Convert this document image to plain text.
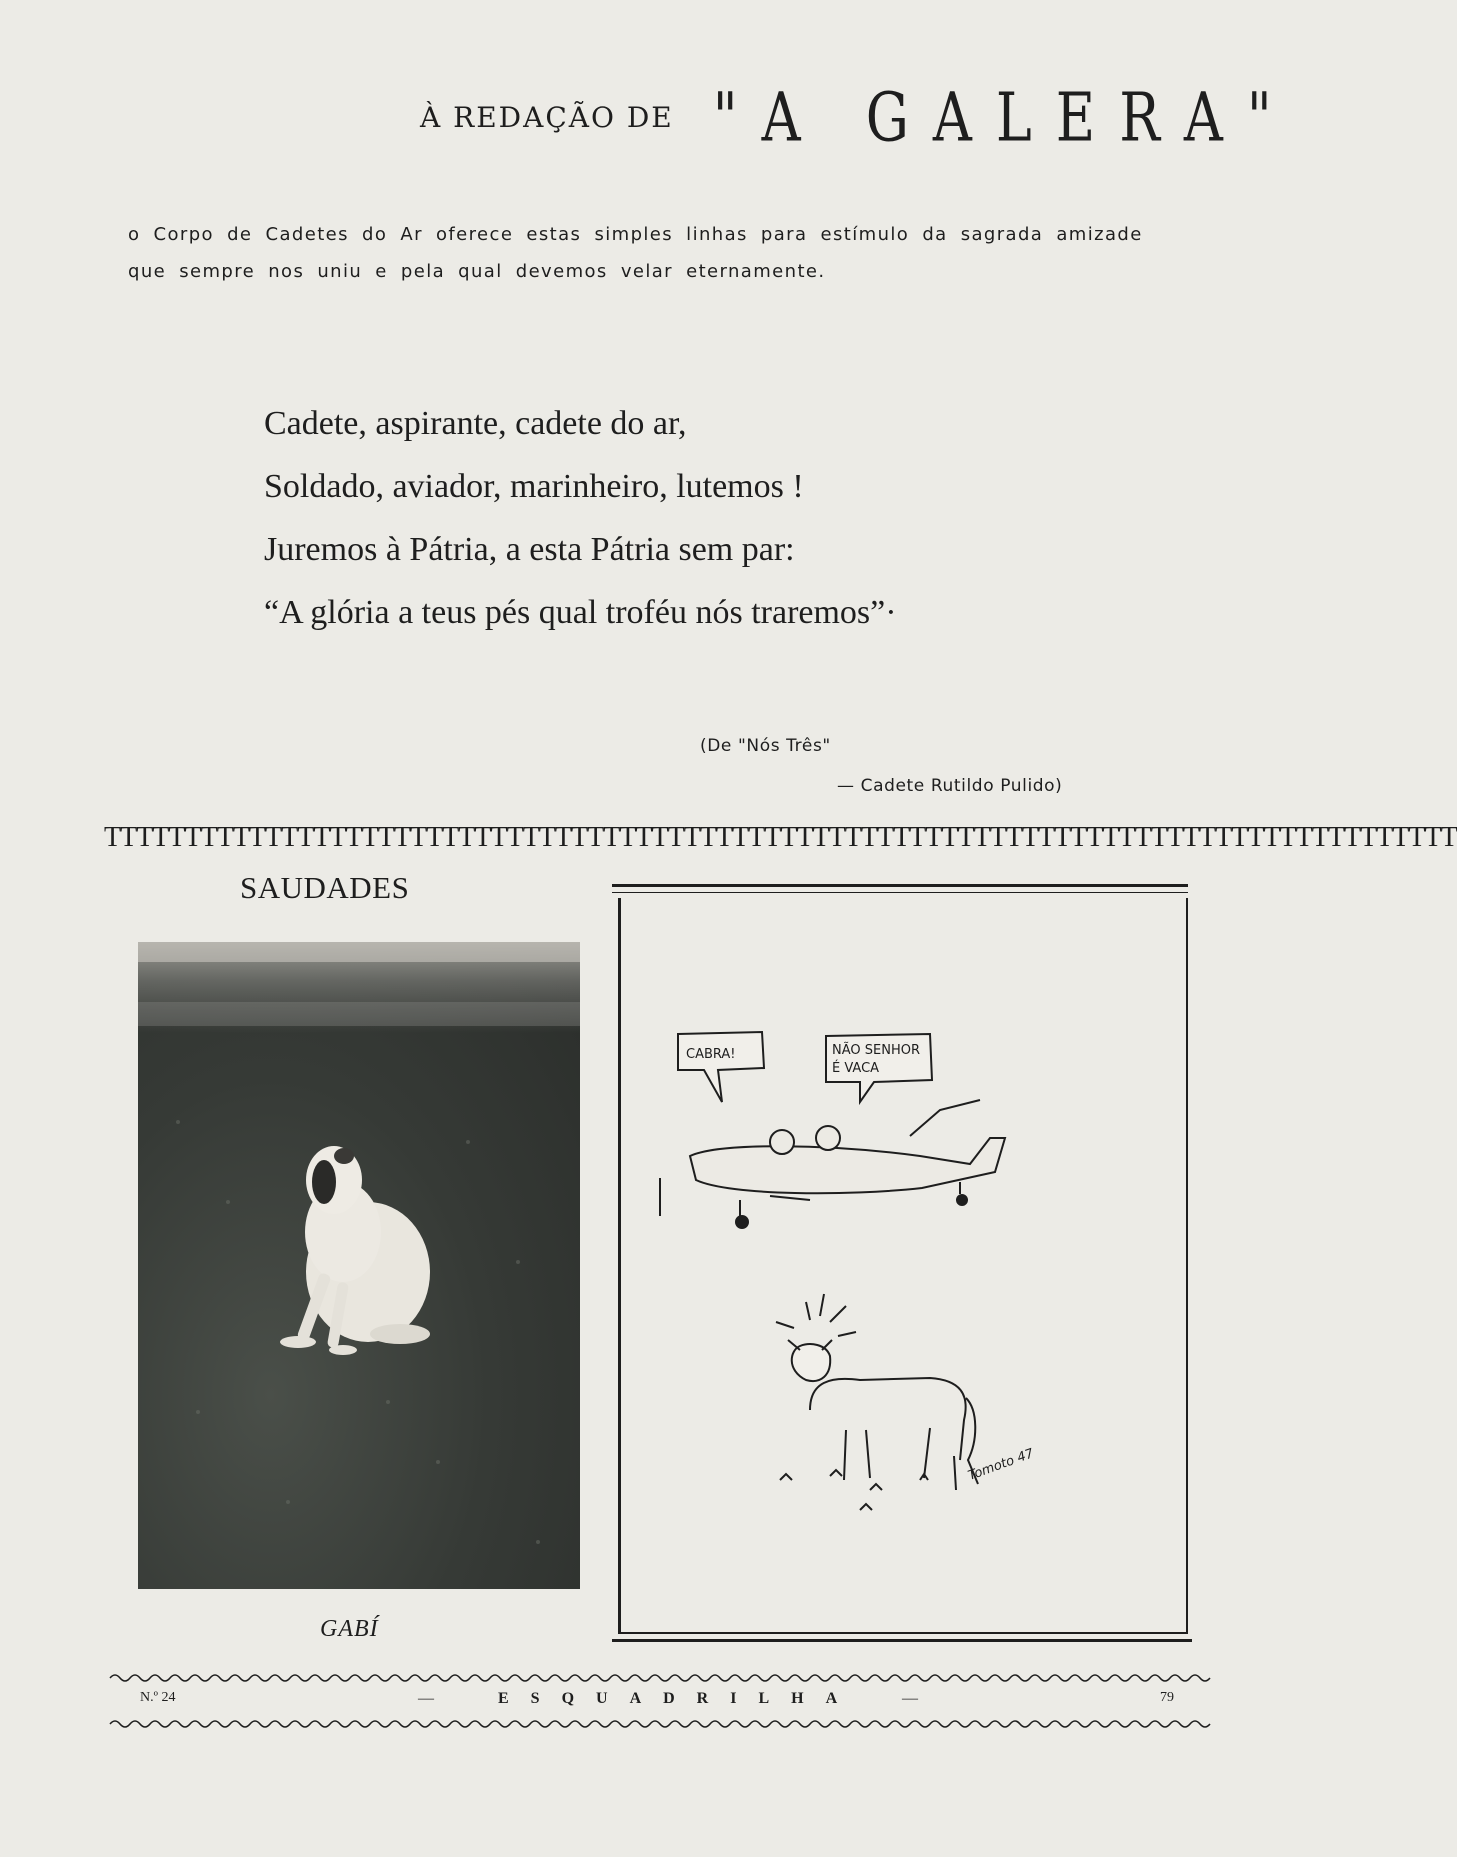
À REDAÇÃO DE "A GALERA"
o Corpo de Cadetes do Ar oferece estas simples linhas para estímulo da sagrada amizade que sempre nos uniu e pela qual devemos velar eternamente.
Cadete, aspirante, cadete do ar,
Soldado, aviador, marinheiro, lutemos !
Juremos à Pátria, a esta Pátria sem par:
“A glória a teus pés qual troféu nós traremos”·
(De "Nós Três"
— Cadete Rutildo Pulido)
TTTTTTTTTTTTTTTTTTTTTTTTTTTTTTTTTTTTTTTTTTTTTTTTTTTTTTTTTTTTTTTTTTTTTTTTTTTTTTTTTTTT
SAUDADES
GABÍ
CABRA!	NÃO SENHOR
É VACA
Tomoto 47
N.º 24	—	ESQUADRILHA	—	79
